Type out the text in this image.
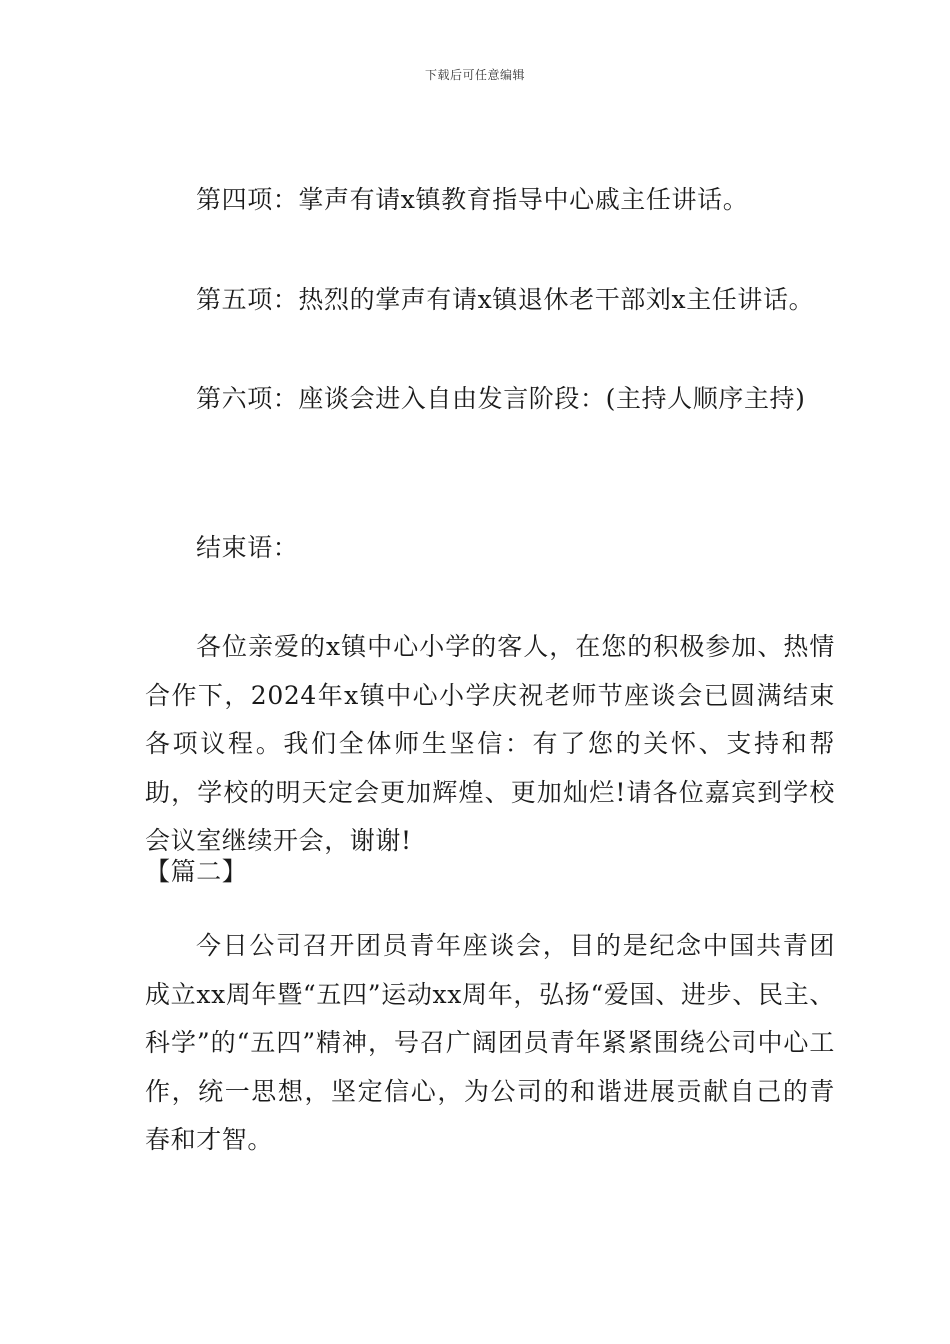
下载后可任意编辑

第四项：掌声有请x镇教育指导中心戚主任讲话。

第五项：热烈的掌声有请x镇退休老干部刘x主任讲话。

第六项：座谈会进入自由发言阶段：(主持人顺序主持)

结束语：

各位亲爱的x镇中心小学的客人，在您的积极参加、热情合作下，2024年x镇中心小学庆祝老师节座谈会已圆满结束各项议程。我们全体师生坚信：有了您的关怀、支持和帮助，学校的明天定会更加辉煌、更加灿烂!请各位嘉宾到学校会议室继续开会，谢谢!

【篇二】

今日公司召开团员青年座谈会，目的是纪念中国共青团成立xx周年暨“五四”运动xx周年，弘扬“爱国、进步、民主、科学”的“五四”精神，号召广阔团员青年紧紧围绕公司中心工作，统一思想，坚定信心，为公司的和谐进展贡献自己的青春和才智。
